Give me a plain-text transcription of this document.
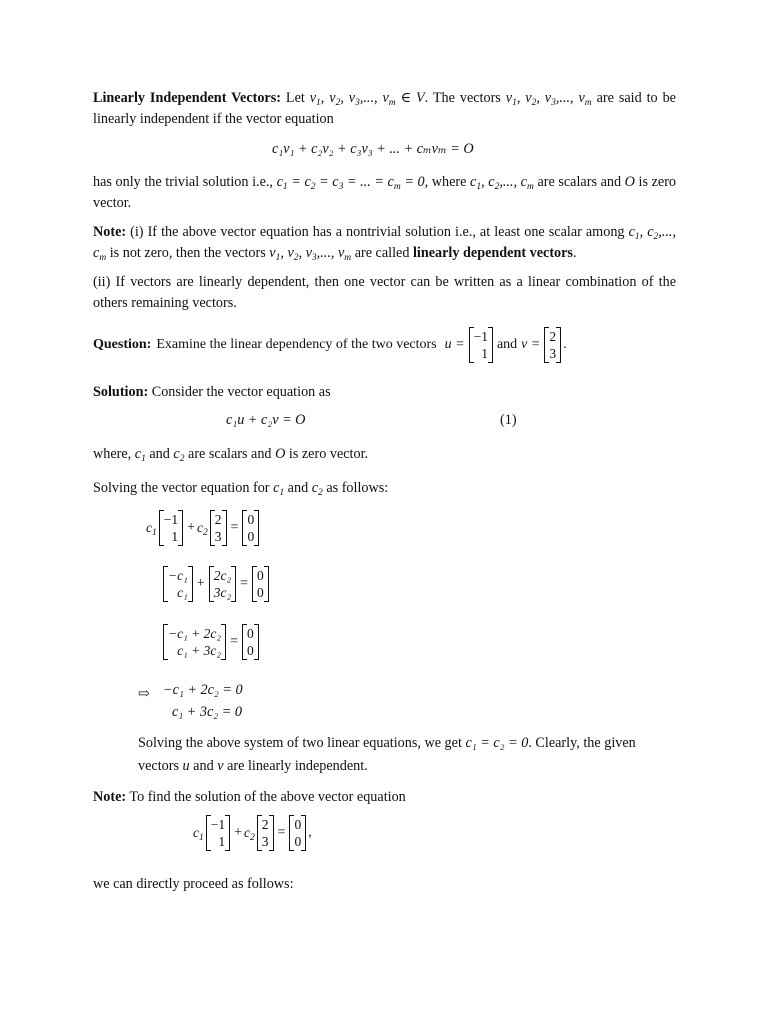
Linearly Independent Vectors: Let $v_1$, $v_2$, $v_3$,..., $v_m$ ∈ V. The vectors $v_1$, $v_2$, $v_3$,..., $v_m$ are said to be linearly independent if the vector equation
c₁v₁ + c₂v₂ + c₃v₃ + ... + cₘvₘ = O
has only the trivial solution i.e., $c_1 = c_2 = c_3$ = ... = $c_m = 0$, where $c_1$, $c_2$,..., $c_m$ are scalars and O is zero vector.
Note: (i) If the above vector equation has a nontrivial solution i.e., at least one scalar among $c_1$, $c_2$,..., $c_m$ is not zero, then the vectors $v_1$, $v_2$, $v_3$,..., $v_m$ are called linearly dependent vectors.
(ii) If vectors are linearly dependent, then one vector can be written as a linear combination of the others remaining vectors.
Question: Examine the linear dependency of the two vectors u =
−1
1
and v =
2
3
.
Solution: Consider the vector equation as
c₁u + c₂v = O	(1)
where, $c_1$ and $c_2$ are scalars and O is zero vector.
Solving the vector equation for $c_1$ and $c_2$ as follows:
$c_1$
−1
1
+ $c_2$
2
3
=
0
0
−c₁
c₁
+
2c₂
3c₂
=
0
0
−c₁ + 2c₂
c₁ + 3c₂
=
0
0
⇨ −c₁ + 2c₂ = 0
c₁ + 3c₂ = 0
Solving the above system of two linear equations, we get c₁ = c₂ = 0. Clearly, the given
vectors u and v are linearly independent.
Note: To find the solution of the above vector equation
$c_1$
−1
1
+ $c_2$
2
3
=
0
0
,
we can directly proceed as follows:
